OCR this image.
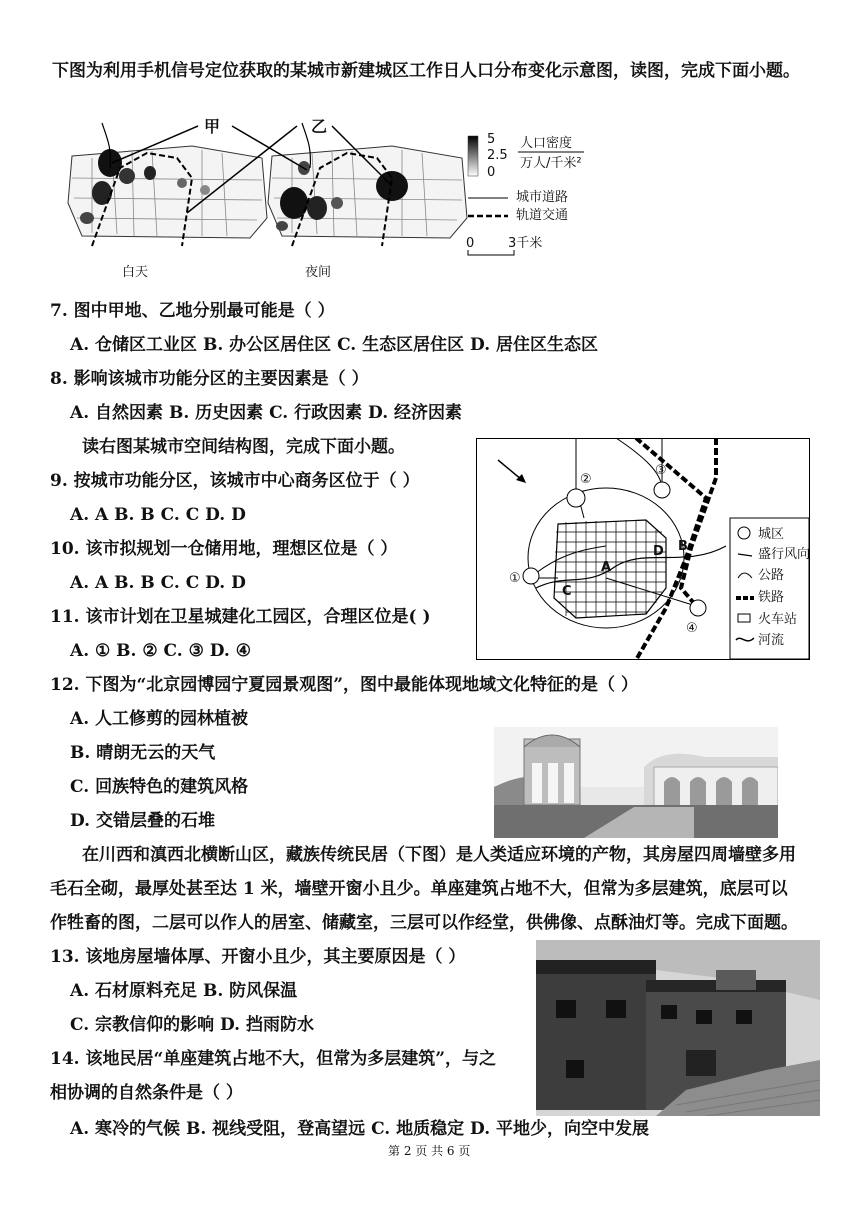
下图为利用手机信号定位获取的某城市新建城区工作日人口分布变化示意图，读图，完成下面小题。
甲	乙
白天	夜间
5
2.5
0
人口密度
万人/千米²
城市道路
轨道交通
0	3千米
7. 图中甲地、乙地分别最可能是（ ）
A. 仓储区工业区 B. 办公区居住区 C. 生态区居住区 D. 居住区生态区
8. 影响该城市功能分区的主要因素是（ ）
A. 自然因素 B. 历史因素 C. 行政因素 D. 经济因素
读右图某城市空间结构图，完成下面小题。
9. 按城市功能分区，该城市中心商务区位于（ ）
A. A B. B C. C D. D
10. 该市拟规划一仓储用地，理想区位是（ ）
A. A B. B C. C D. D
11. 该市计划在卫星城建化工园区，合理区位是( )
A. ① B. ② C. ③ D. ④
城区
盛行风向
公路
铁路
火车站
河流
A
B
C
D
①
②
③
④
12. 下图为“北京园博园宁夏园景观图”，图中最能体现地域文化特征的是（ ）
A. 人工修剪的园林植被
B. 晴朗无云的天气
C. 回族特色的建筑风格
D. 交错层叠的石堆
在川西和滇西北横断山区，藏族传统民居（下图）是人类适应环境的产物，其房屋四周墙壁多用
毛石全砌，最厚处甚至达 1 米，墙壁开窗小且少。单座建筑占地不大，但常为多层建筑，底层可以
作牲畜的图，二层可以作人的居室、储藏室，三层可以作经堂，供佛像、点酥油灯等。完成下面题。
13. 该地房屋墙体厚、开窗小且少，其主要原因是（ ）
A. 石材原料充足 B. 防风保温
C. 宗教信仰的影响 D. 挡雨防水
14. 该地民居“单座建筑占地不大，但常为多层建筑”，与之
相协调的自然条件是（ ）
A. 寒冷的气候 B. 视线受阻，登高望远 C. 地质稳定 D. 平地少，向空中发展
第 2 页 共 6 页
